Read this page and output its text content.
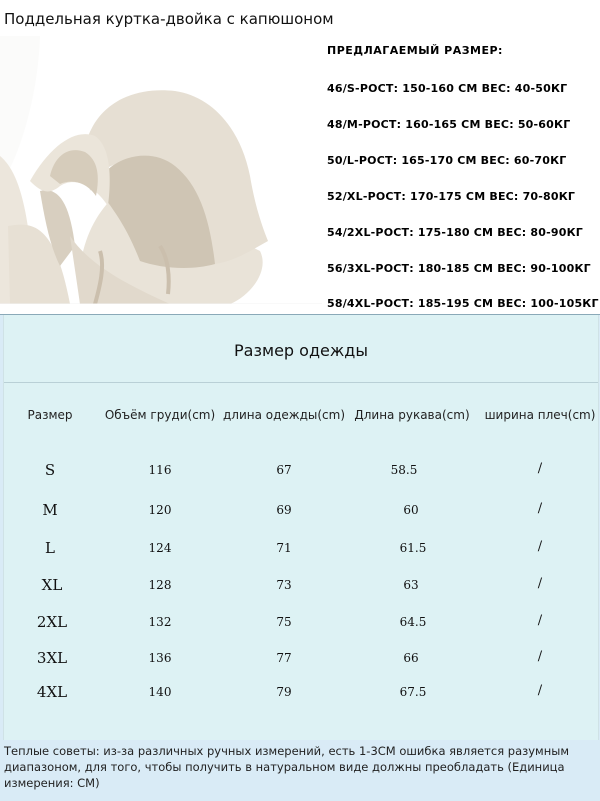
Поддельная куртка-двойка с капюшоном
ПРЕДЛАГАЕМЫЙ РАЗМЕР:
46/S-РОСТ: 150-160 СМ ВЕС: 40-50КГ
48/M-РОСТ: 160-165 СМ ВЕС: 50-60КГ
50/L-РОСТ: 165-170 СМ ВЕС: 60-70КГ
52/XL-РОСТ: 170-175 СМ ВЕС: 70-80КГ
54/2XL-РОСТ: 175-180 СМ ВЕС: 80-90КГ
56/3XL-РОСТ: 180-185 СМ ВЕС: 90-100КГ
58/4XL-РОСТ: 185-195 СМ ВЕС: 100-105КГ
Размер одежды
Размер	Объём груди(cm) длина одежды(cm) Длина рукава(cm) ширина плеч(cm)
S	116	67	58.5	/
M	120	69	60	/
L	124	71	61.5	/
XL	128	73	63	/
2XL	132	75	64.5	/
3XL	136	77	66	/
4XL	140	79	67.5	/
Теплые советы: из-за различных ручных измерений, есть 1-3CM ошибка является разумным диапазоном, для того, чтобы получить в натуральном виде должны преобладать (Единица измерения: CM)
